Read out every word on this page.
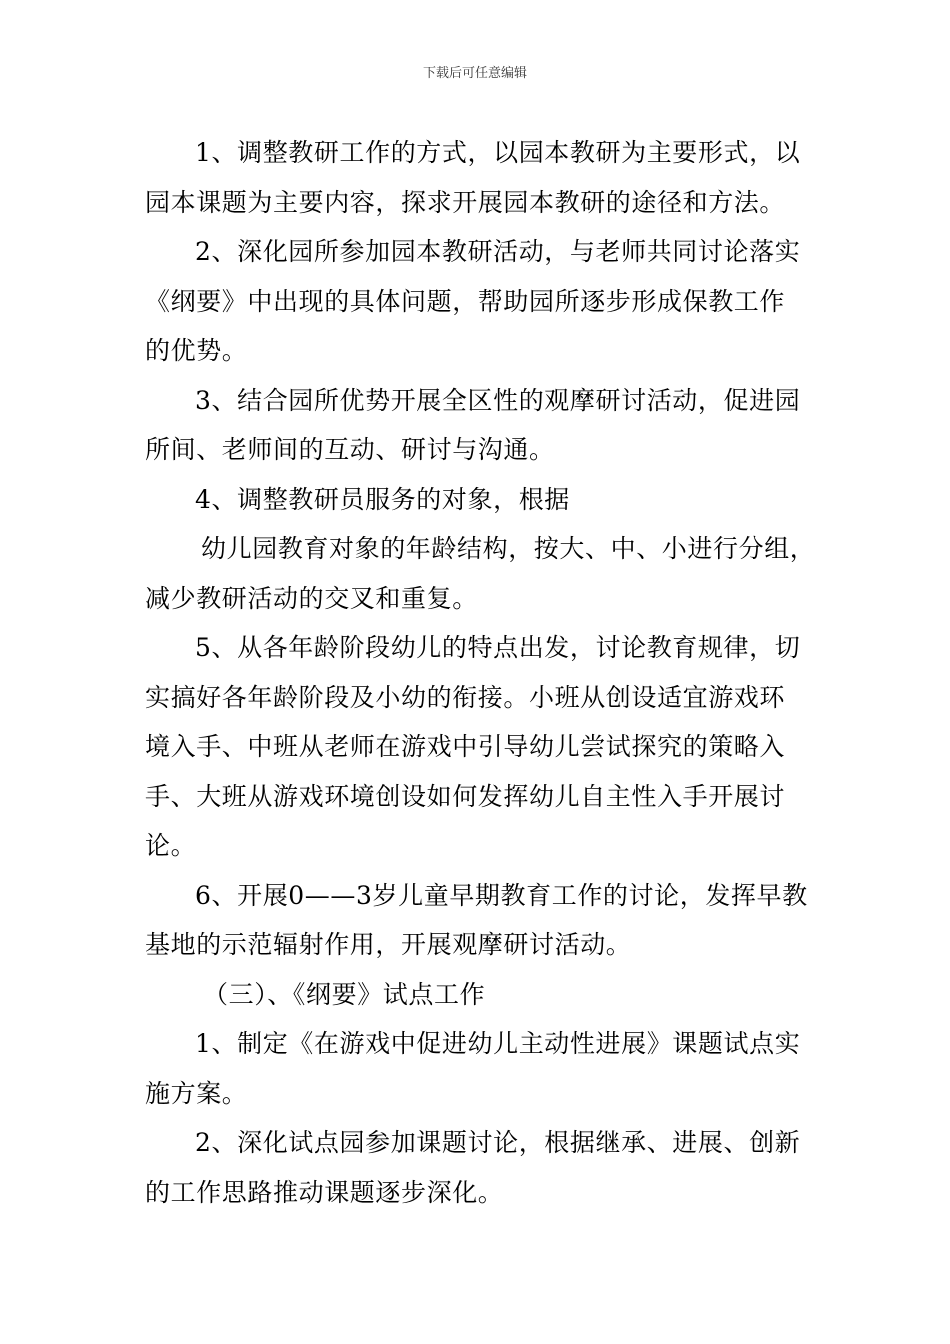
下载后可任意编辑
1、调整教研工作的方式，以园本教研为主要形式，以
园本课题为主要内容，探求开展园本教研的途径和方法。
2、深化园所参加园本教研活动，与老师共同讨论落实
《纲要》中出现的具体问题，帮助园所逐步形成保教工作
的优势。
3、结合园所优势开展全区性的观摩研讨活动，促进园
所间、老师间的互动、研讨与沟通。
4、调整教研员服务的对象，根据
幼儿园教育对象的年龄结构，按大、中、小进行分组，
减少教研活动的交叉和重复。
5、从各年龄阶段幼儿的特点出发，讨论教育规律，切
实搞好各年龄阶段及小幼的衔接。小班从创设适宜游戏环
境入手、中班从老师在游戏中引导幼儿尝试探究的策略入
手、大班从游戏环境创设如何发挥幼儿自主性入手开展讨
论。
6、开展0——3岁儿童早期教育工作的讨论，发挥早教
基地的示范辐射作用，开展观摩研讨活动。
（三）、《纲要》试点工作
1、制定《在游戏中促进幼儿主动性进展》课题试点实
施方案。
2、深化试点园参加课题讨论，根据继承、进展、创新
的工作思路推动课题逐步深化。
